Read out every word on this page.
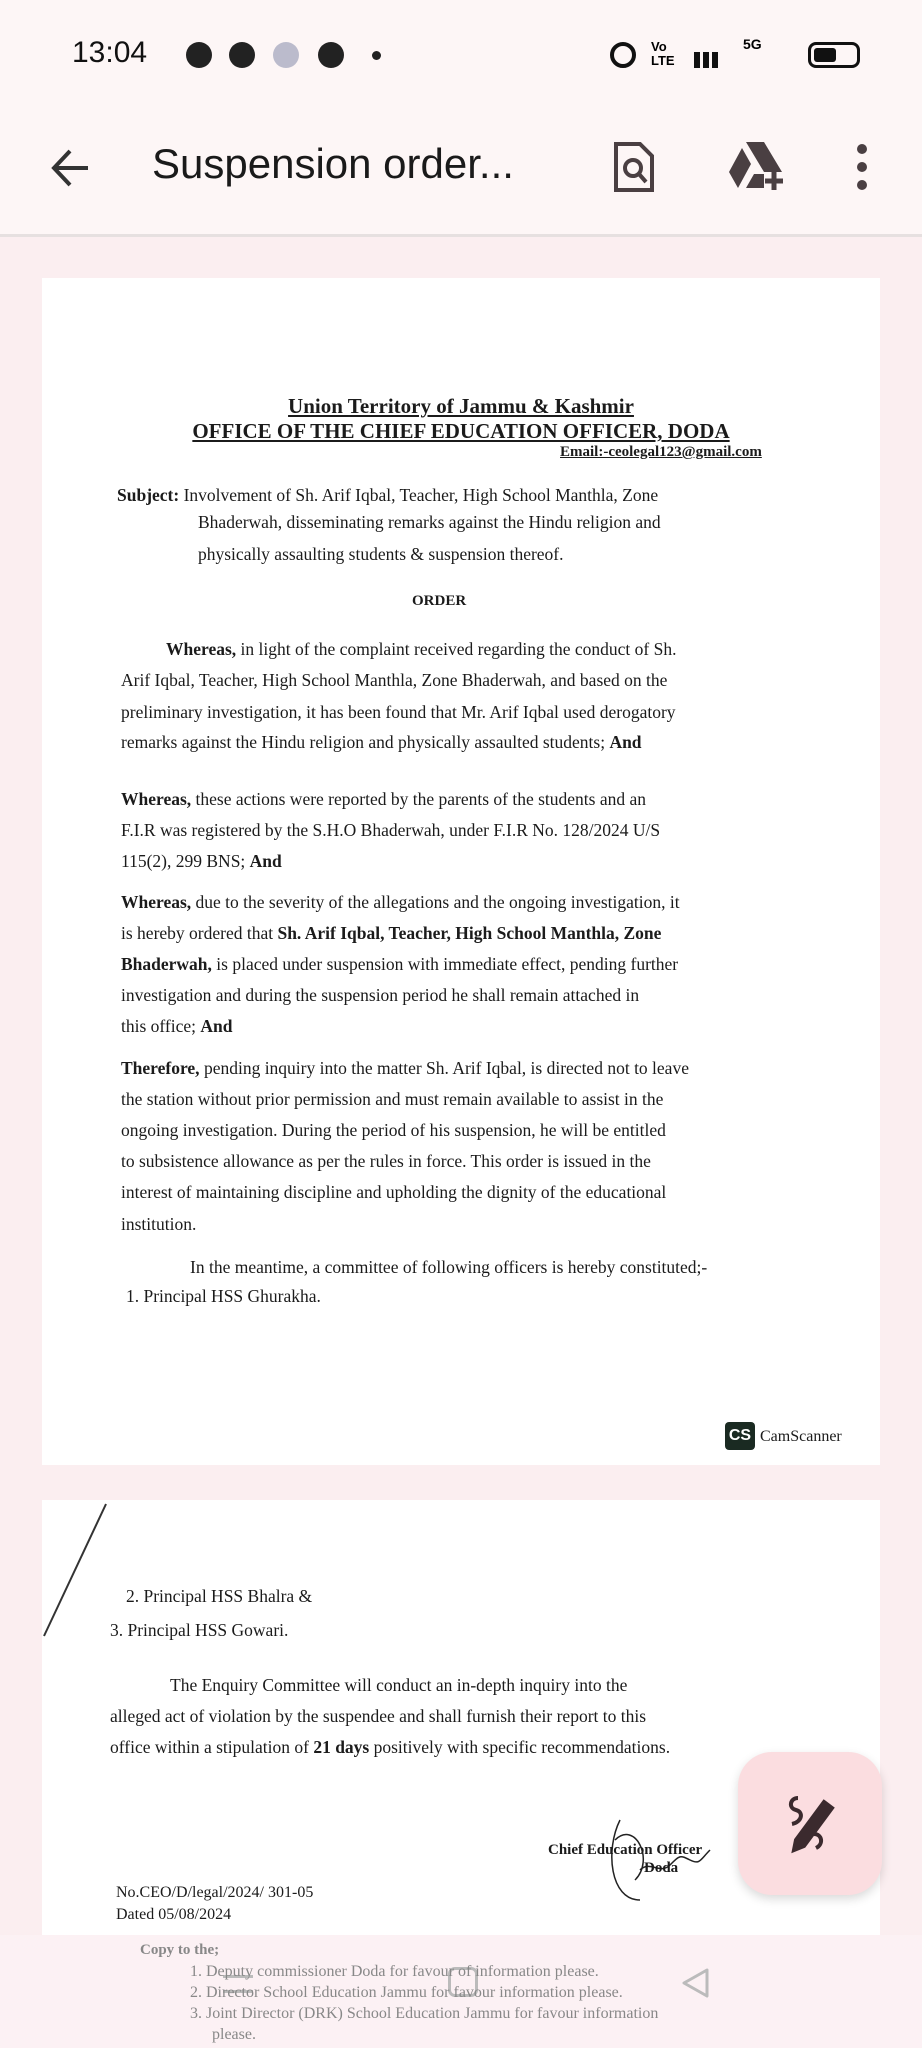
13:04	Vo
LTE
5G
Suspension order...
Union Territory of Jammu & Kashmir
OFFICE OF THE CHIEF EDUCATION OFFICER, DODA
Email:-ceolegal123@gmail.com
Subject: Involvement of Sh. Arif Iqbal, Teacher, High School Manthla, Zone
Bhaderwah, disseminating remarks against the Hindu religion and
physically assaulting students & suspension thereof.
ORDER
Whereas, in light of the complaint received regarding the conduct of Sh.
Arif Iqbal, Teacher, High School Manthla, Zone Bhaderwah, and based on the
preliminary investigation, it has been found that Mr. Arif Iqbal used derogatory
remarks against the Hindu religion and physically assaulted students; And
Whereas, these actions were reported by the parents of the students and an
F.I.R was registered by the S.H.O Bhaderwah, under F.I.R No. 128/2024 U/S
115(2), 299 BNS; And
Whereas, due to the severity of the allegations and the ongoing investigation, it
is hereby ordered that Sh. Arif Iqbal, Teacher, High School Manthla, Zone
Bhaderwah, is placed under suspension with immediate effect, pending further
investigation and during the suspension period he shall remain attached in
this office; And
Therefore, pending inquiry into the matter Sh. Arif Iqbal, is directed not to leave
the station without prior permission and must remain available to assist in the
ongoing investigation. During the period of his suspension, he will be entitled
to subsistence allowance as per the rules in force. This order is issued in the
interest of maintaining discipline and upholding the dignity of the educational
institution.
In the meantime, a committee of following officers is hereby constituted;-
1. Principal HSS Ghurakha.
2. Principal HSS Bhalra &
3. Principal HSS Gowari.
The Enquiry Committee will conduct an in-depth inquiry into the
alleged act of violation by the suspendee and shall furnish their report to this
office within a stipulation of 21 days positively with specific recommendations.
CS CamScanner
Chief Education Officer
Doda
No.CEO/D/legal/2024/ 301-05
Dated 05/08/2024
Copy to the;
1. Deputy commissioner Doda for favour of information please.
2. Director School Education Jammu for favour information please.
3. Joint Director (DRK) School Education Jammu for favour information
please.
